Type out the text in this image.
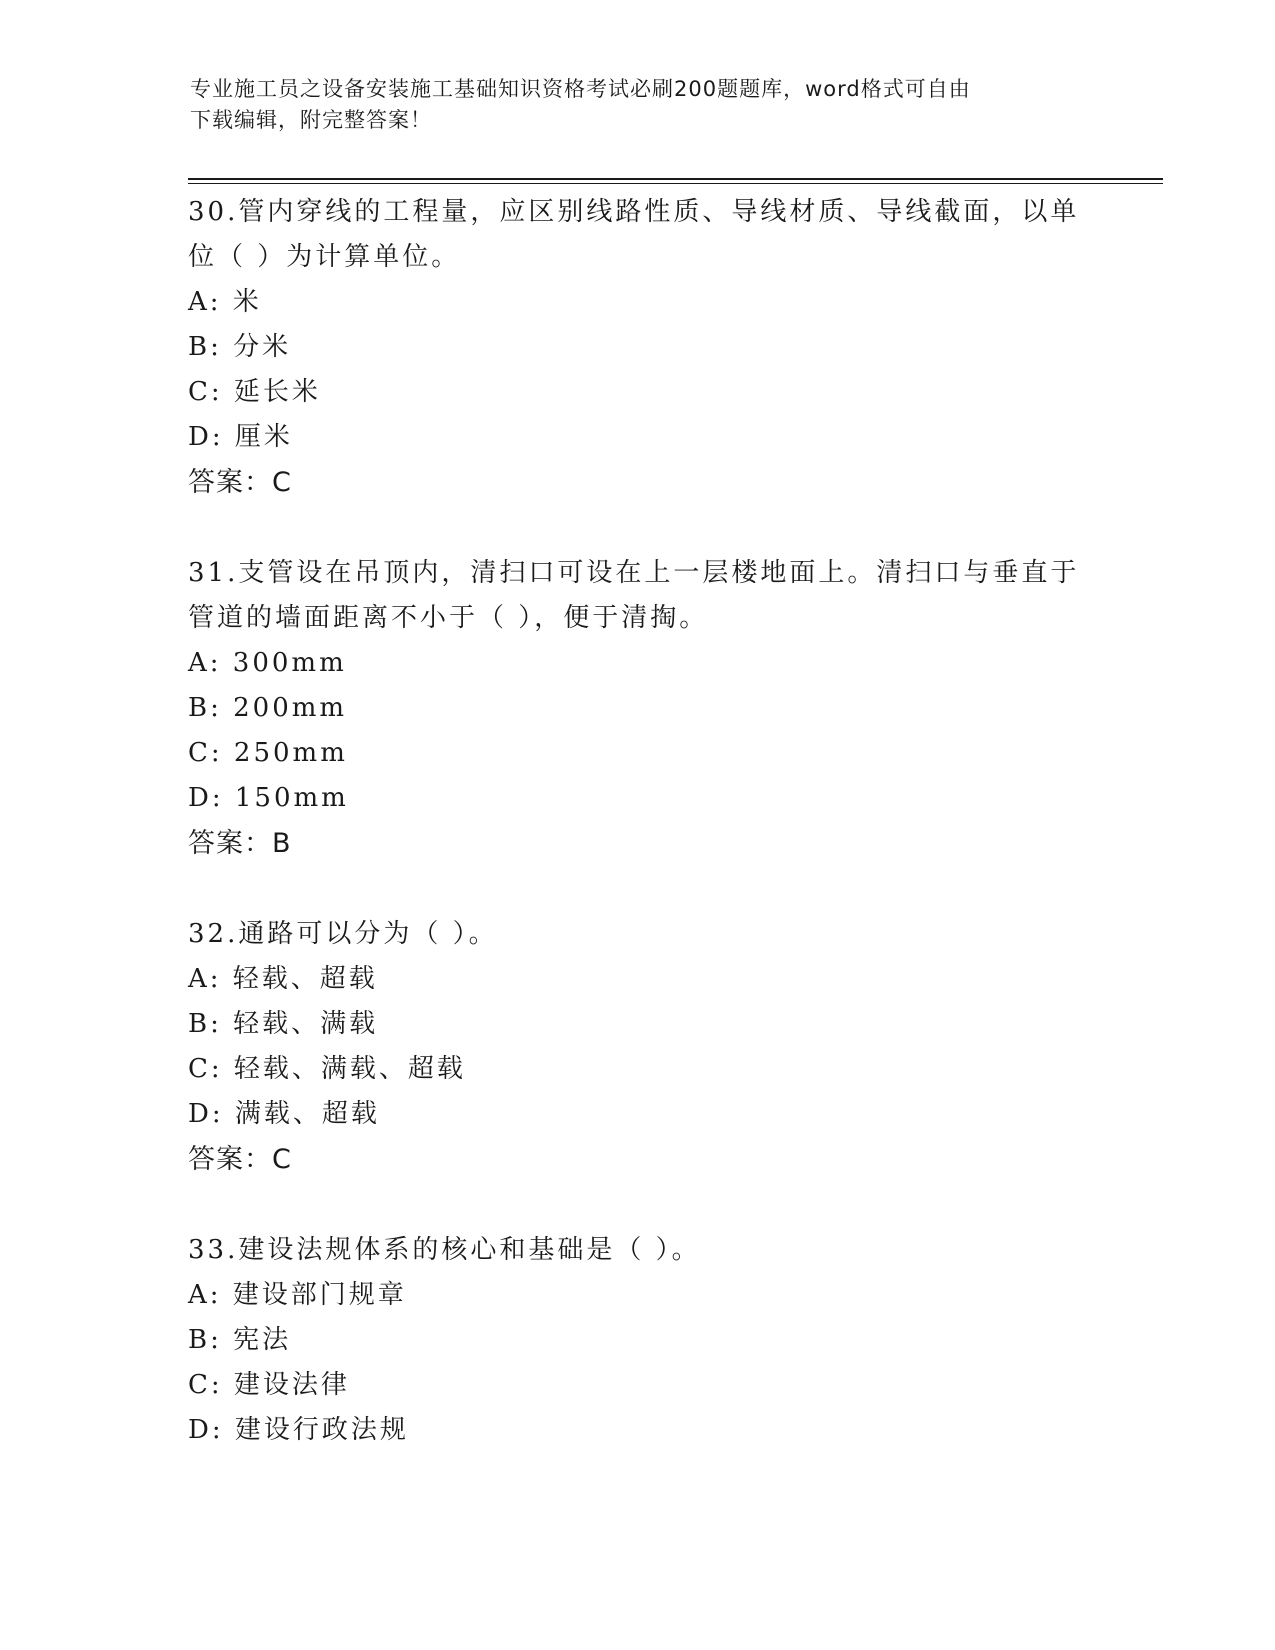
专业施工员之设备安装施工基础知识资格考试必刷200题题库，word格式可自由
下载编辑，附完整答案！
30.管内穿线的工程量，应区别线路性质、导线材质、导线截面，以单
位（ ）为计算单位。
A: 米
B: 分米
C: 延长米
D: 厘米
答案：C
31.支管设在吊顶内，清扫口可设在上一层楼地面上。清扫口与垂直于
管道的墙面距离不小于（ ），便于清掏。
A: 300mm
B: 200mm
C: 250mm
D: 150mm
答案：B
32.通路可以分为（ ）。
A: 轻载、超载
B: 轻载、满载
C: 轻载、满载、超载
D: 满载、超载
答案：C
33.建设法规体系的核心和基础是（ ）。
A: 建设部门规章
B: 宪法
C: 建设法律
D: 建设行政法规
